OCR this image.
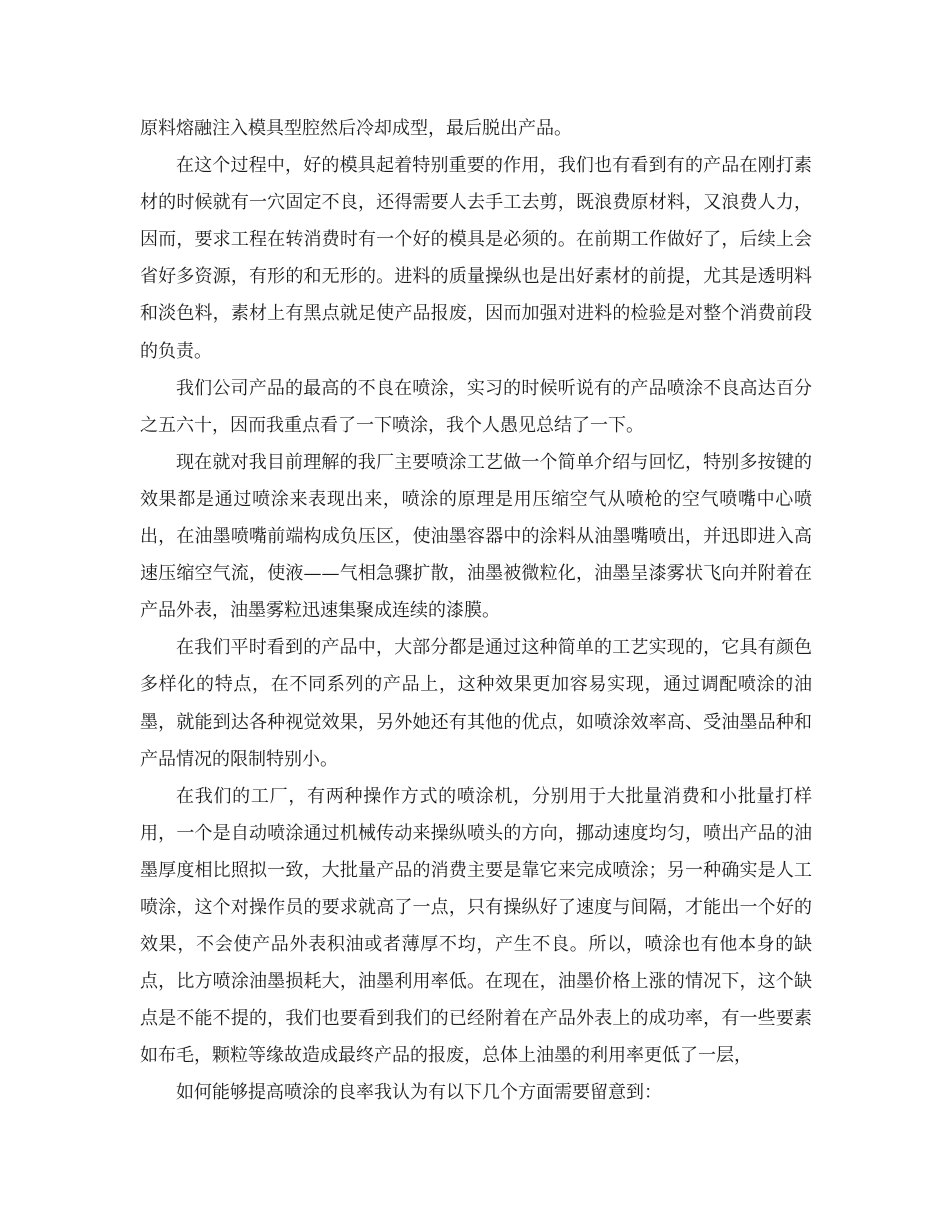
原料熔融注入模具型腔然后冷却成型，最后脱出产品。

在这个过程中，好的模具起着特别重要的作用，我们也有看到有的产品在刚打素材的时候就有一穴固定不良，还得需要人去手工去剪，既浪费原材料，又浪费人力，因而，要求工程在转消费时有一个好的模具是必须的。在前期工作做好了，后续上会省好多资源，有形的和无形的。进料的质量操纵也是出好素材的前提，尤其是透明料和淡色料，素材上有黑点就足使产品报废，因而加强对进料的检验是对整个消费前段的负责。

我们公司产品的最高的不良在喷涂，实习的时候听说有的产品喷涂不良高达百分之五六十，因而我重点看了一下喷涂，我个人愚见总结了一下。

现在就对我目前理解的我厂主要喷涂工艺做一个简单介绍与回忆，特别多按键的效果都是通过喷涂来表现出来，喷涂的原理是用压缩空气从喷枪的空气喷嘴中心喷出，在油墨喷嘴前端构成负压区，使油墨容器中的涂料从油墨嘴喷出，并迅即进入高速压缩空气流，使液——气相急骤扩散，油墨被微粒化，油墨呈漆雾状飞向并附着在产品外表，油墨雾粒迅速集聚成连续的漆膜。

在我们平时看到的产品中，大部分都是通过这种简单的工艺实现的，它具有颜色多样化的特点，在不同系列的产品上，这种效果更加容易实现，通过调配喷涂的油墨，就能到达各种视觉效果，另外她还有其他的优点，如喷涂效率高、受油墨品种和产品情况的限制特别小。

在我们的工厂，有两种操作方式的喷涂机，分别用于大批量消费和小批量打样用，一个是自动喷涂通过机械传动来操纵喷头的方向，挪动速度均匀，喷出产品的油墨厚度相比照拟一致，大批量产品的消费主要是靠它来完成喷涂；另一种确实是人工喷涂，这个对操作员的要求就高了一点，只有操纵好了速度与间隔，才能出一个好的效果，不会使产品外表积油或者薄厚不均，产生不良。所以，喷涂也有他本身的缺点，比方喷涂油墨损耗大，油墨利用率低。在现在，油墨价格上涨的情况下，这个缺点是不能不提的，我们也要看到我们的已经附着在产品外表上的成功率，有一些要素如布毛，颗粒等缘故造成最终产品的报废，总体上油墨的利用率更低了一层，

如何能够提高喷涂的良率我认为有以下几个方面需要留意到：
